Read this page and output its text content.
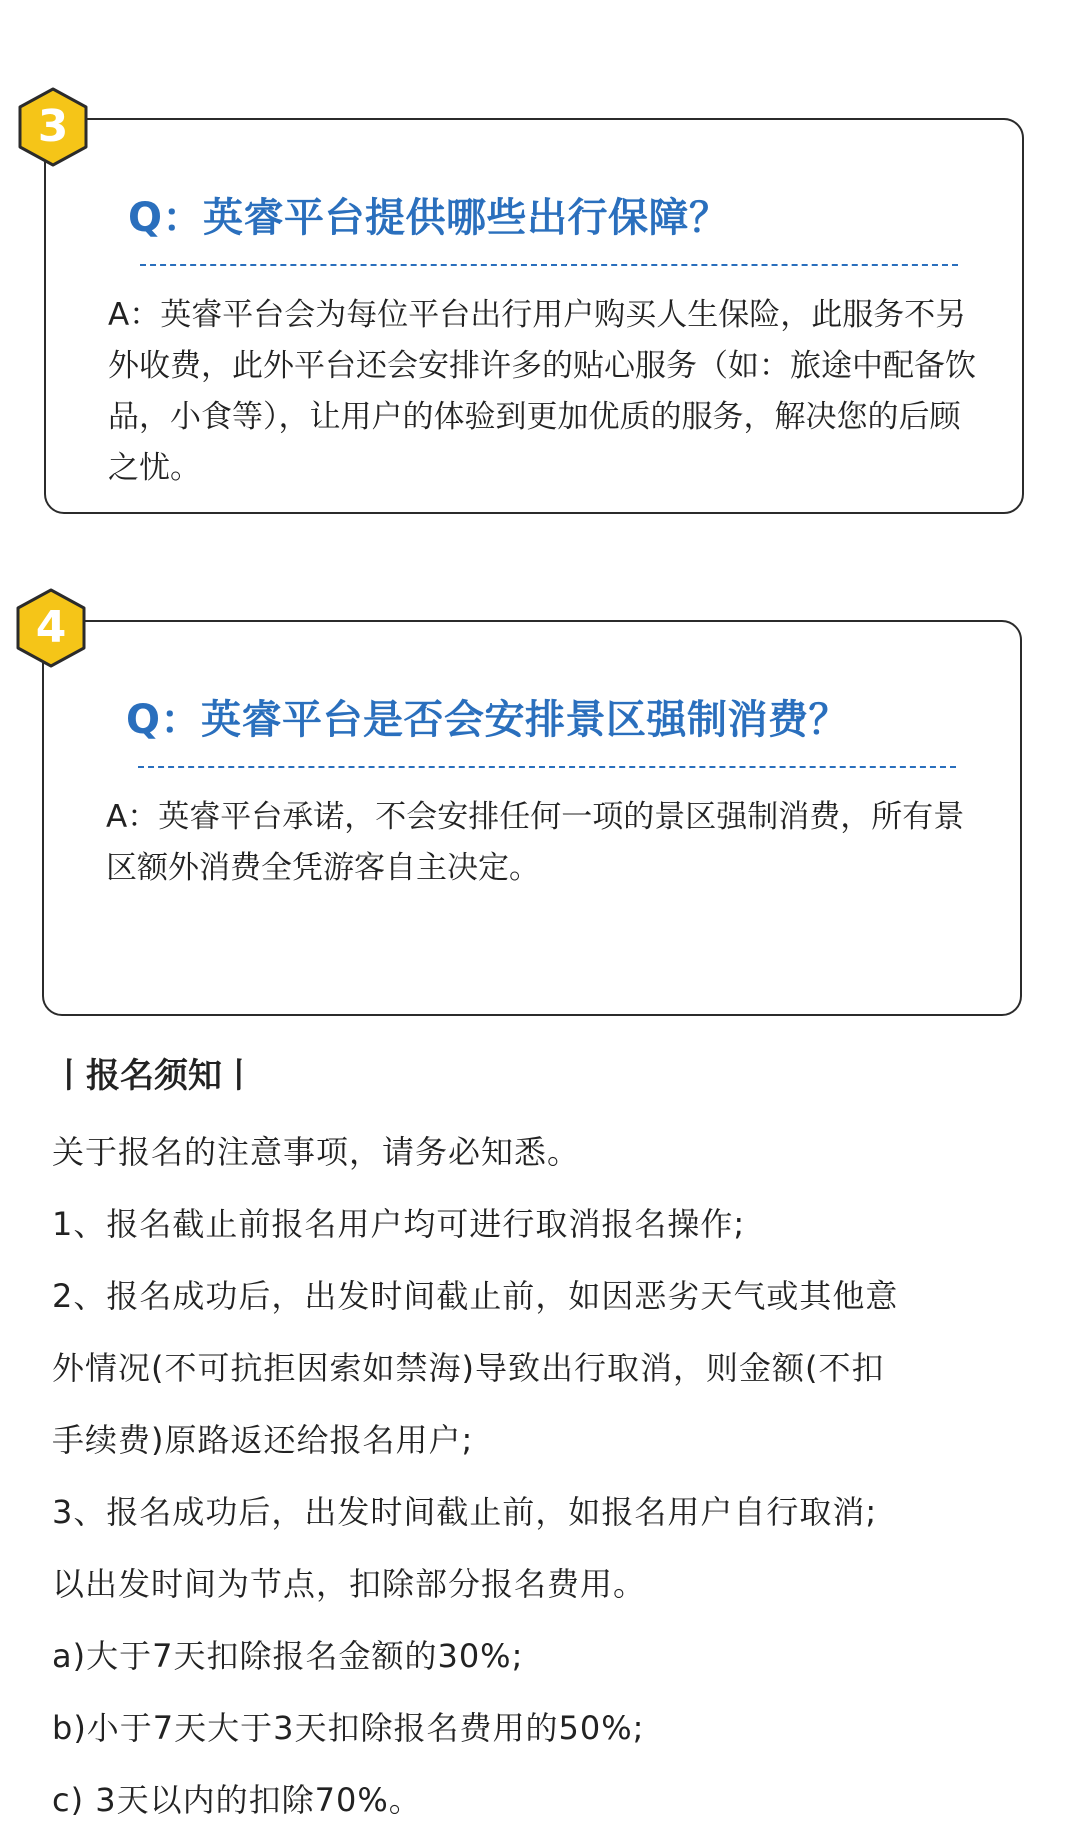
Q：英睿平台提供哪些出行保障？
A：英睿平台会为每位平台出行用户购买人生保险，此服务不另外收费，此外平台还会安排许多的贴心服务（如：旅途中配备饮品，小食等），让用户的体验到更加优质的服务，解决您的后顾之忧。
3
Q：英睿平台是否会安排景区强制消费？
A：英睿平台承诺，不会安排任何一项的景区强制消费，所有景区额外消费全凭游客自主决定。
4
丨报名须知丨
关于报名的注意事项，请务必知悉。
1、报名截止前报名用户均可进行取消报名操作;
2、报名成功后，出发时间截止前，如因恶劣天气或其他意
外情况(不可抗拒因索如禁海)导致出行取消，则金额(不扣
手续费)原路返还给报名用户;
3、报名成功后，出发时间截止前，如报名用户自行取消;
以出发时间为节点，扣除部分报名费用。
a)大于7天扣除报名金额的30%;
b)小于7天大于3天扣除报名费用的50%;
c) 3天以内的扣除70%。
